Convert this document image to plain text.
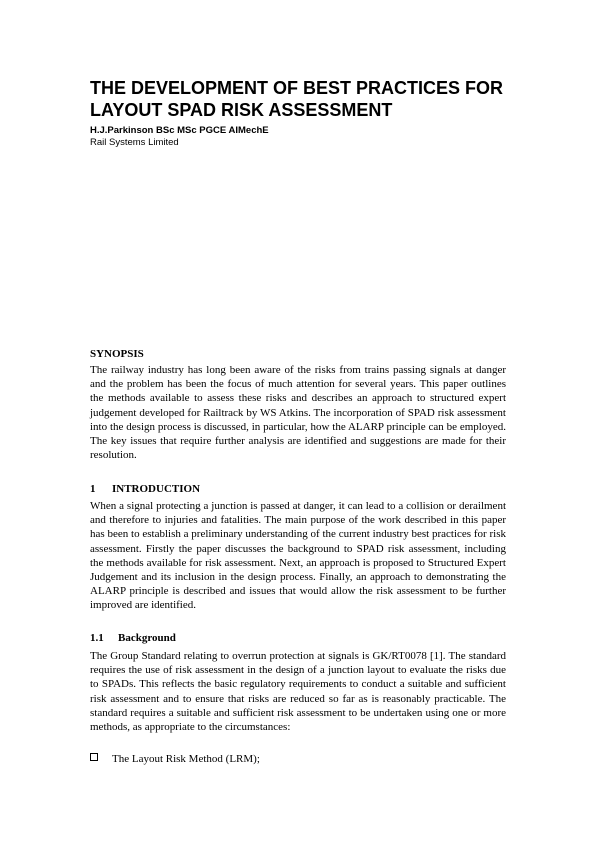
THE DEVELOPMENT OF BEST PRACTICES FOR LAYOUT SPAD RISK ASSESSMENT

H.J.Parkinson BSc MSc PGCE AIMechE

Rail Systems Limited

SYNOPSIS

The railway industry has long been aware of the risks from trains passing signals at danger and the problem has been the focus of much attention for several years. This paper outlines the methods available to assess these risks and describes an approach to structured expert judgement developed for Railtrack by WS Atkins. The incorporation of SPAD risk assessment into the design process is discussed, in particular, how the ALARP principle can be employed. The key issues that require further analysis are identified and suggestions are made for their resolution.

1 INTRODUCTION

When a signal protecting a junction is passed at danger, it can lead to a collision or derailment and therefore to injuries and fatalities. The main purpose of the work described in this paper has been to establish a preliminary understanding of the current industry best practices for risk assessment. Firstly the paper discusses the background to SPAD risk assessment, including the methods available for risk assessment. Next, an approach is proposed to Structured Expert Judgement and its inclusion in the design process. Finally, an approach to demonstrating the ALARP principle is described and issues that would allow the risk assessment to be further improved are identified.

1.1 Background

The Group Standard relating to overrun protection at signals is GK/RT0078 [1]. The standard requires the use of risk assessment in the design of a junction layout to evaluate the risks due to SPADs. This reflects the basic regulatory requirements to conduct a suitable and sufficient risk assessment and to ensure that risks are reduced so far as is reasonably practicable. The standard requires a suitable and sufficient risk assessment to be undertaken using one or more methods, as appropriate to the circumstances:

The Layout Risk Method (LRM);
